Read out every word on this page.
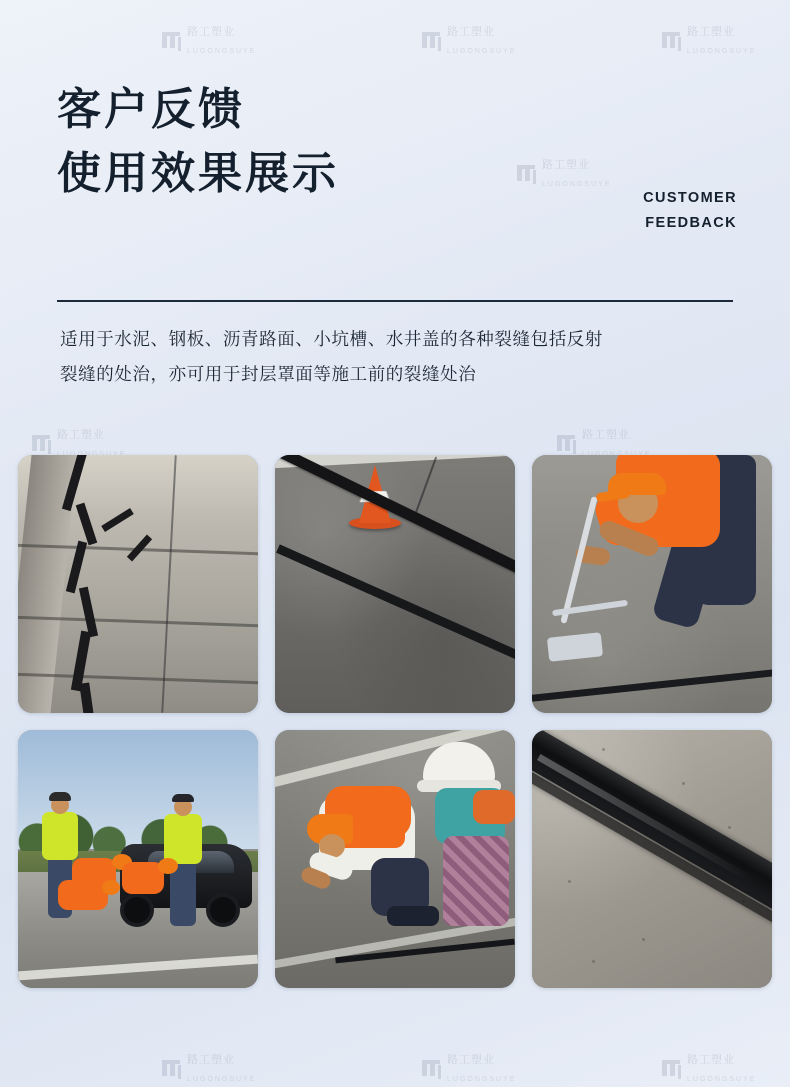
路工塑业
LUGONGSUYE
路工塑业
LUGONGSUYE
路工塑业
LUGONGSUYE
路工塑业
LUGONGSUYE
路工塑业	路工塑业

路工塑业
LUGONGSUYE
路工塑业
LUGONGSUYE
路工塑业
LUGONGSUYE
客户反馈
使用效果展示
CUSTOMER
FEEDBACK
适用于水泥、钢板、沥青路面、小坑槽、水井盖的各种裂缝包括反射
裂缝的处治，亦可用于封层罩面等施工前的裂缝处治
